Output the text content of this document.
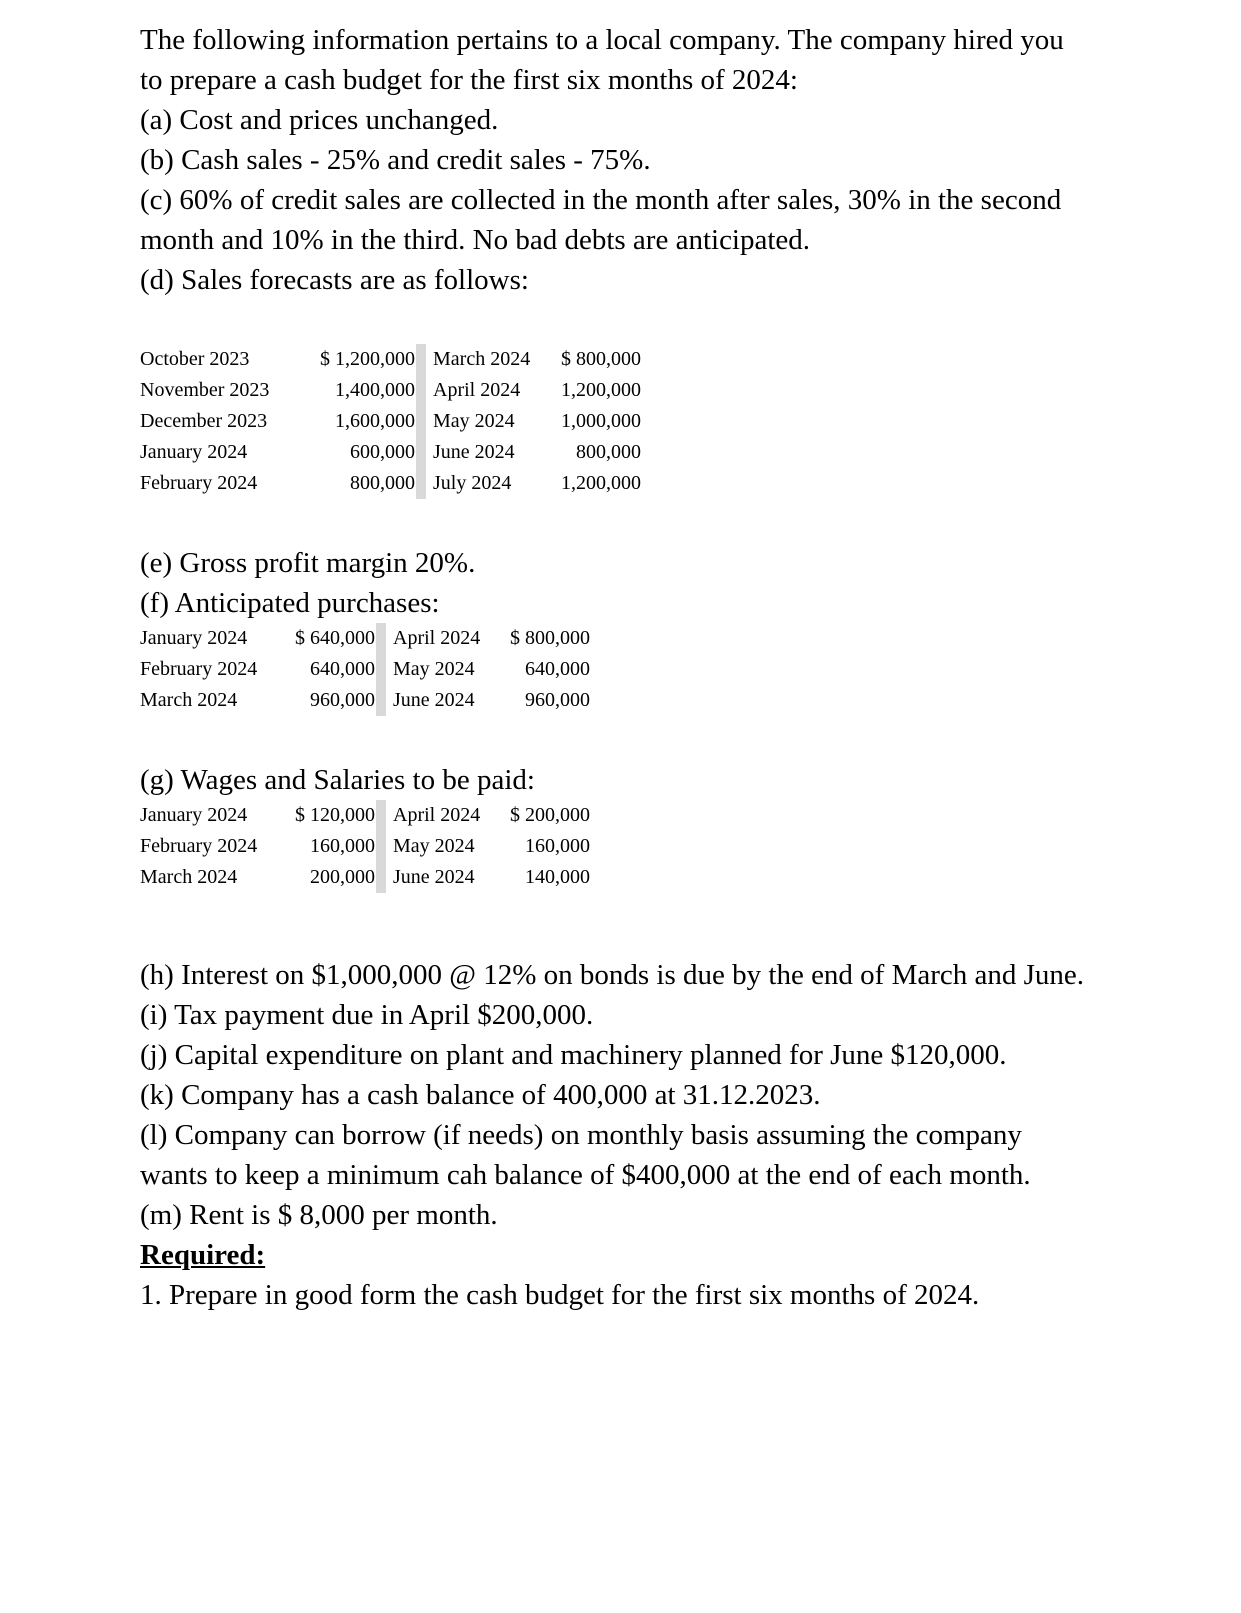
The following information pertains to a local company. The company hired you to prepare a cash budget for the first six months of 2024:
(a) Cost and prices unchanged.
(b) Cash sales - 25% and credit sales - 75%.
(c) 60% of credit sales are collected in the month after sales, 30% in the second month and 10% in the third. No bad debts are anticipated.
(d) Sales forecasts are as follows:
October 2023	$ 1,200,000 March 2024	$ 800,000
November 2023	1,400,000 April 2024	1,200,000
December 2023	1,600,000 May 2024	1,000,000
January 2024	600,000 June 2024	800,000
February 2024	800,000 July 2024	1,200,000
(e) Gross profit margin 20%.
(f) Anticipated purchases:
January 2024	$ 640,000 April 2024	$ 800,000
February 2024	640,000 May 2024	640,000
March 2024	960,000 June 2024	960,000
(g) Wages and Salaries to be paid:
January 2024	$ 120,000 April 2024	$ 200,000
February 2024	160,000 May 2024	160,000
March 2024	200,000 June 2024	140,000
(h) Interest on $1,000,000 @ 12% on bonds is due by the end of March and June.
(i) Tax payment due in April $200,000.
(j) Capital expenditure on plant and machinery planned for June $120,000.
(k) Company has a cash balance of 400,000 at 31.12.2023.
(l) Company can borrow (if needs) on monthly basis assuming the company wants to keep a minimum cah balance of $400,000 at the end of each month.
(m) Rent is $ 8,000 per month.
Required:
1. Prepare in good form the cash budget for the first six months of 2024.
